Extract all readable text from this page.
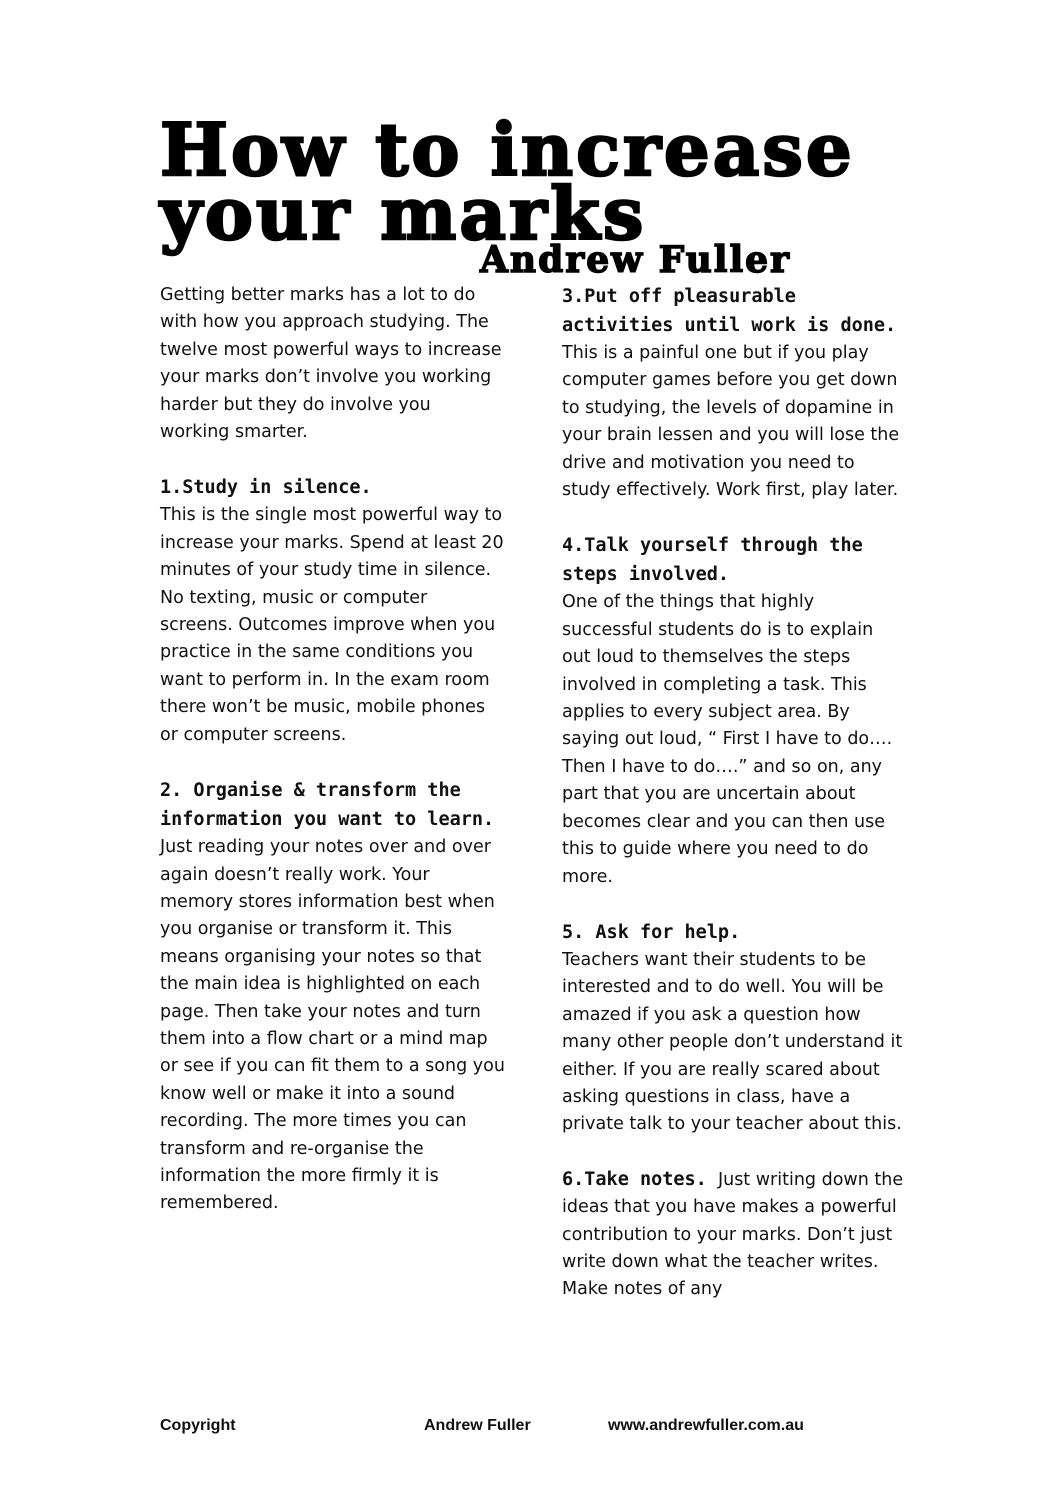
How to increase your marks
Andrew Fuller

Getting better marks has a lot to do with how you approach studying. The twelve most powerful ways to increase your marks don’t involve you working harder but they do involve you working smarter.

1.Study in silence.

This is the single most powerful way to increase your marks. Spend at least 20 minutes of your study time in silence. No texting, music or computer screens. Outcomes improve when you practice in the same conditions you want to perform in. In the exam room there won’t be music, mobile phones or computer screens.

2. Organise & transform the information you want to learn.

Just reading your notes over and over again doesn’t really work. Your memory stores information best when you organise or transform it. This means organising your notes so that the main idea is highlighted on each page. Then take your notes and turn them into a flow chart or a mind map or see if you can fit them to a song you know well or make it into a sound recording. The more times you can transform and re-organise the information the more firmly it is remembered.

3.Put off pleasurable activities until work is done.

This is a painful one but if you play computer games before you get down to studying, the levels of dopamine in your brain lessen and you will lose the drive and motivation you need to study effectively. Work first, play later.

4.Talk yourself through the steps involved.

One of the things that highly successful students do is to explain out loud to themselves the steps involved in completing a task. This applies to every subject area. By saying out loud, “ First I have to do…. Then I have to do….” and so on, any part that you are uncertain about becomes clear and you can then use this to guide where you need to do more.

5. Ask for help.

Teachers want their students to be interested and to do well. You will be amazed if you ask a question how many other people don’t understand it either. If you are really scared about asking questions in class, have a private talk to your teacher about this.

6.Take notes. Just writing down the ideas that you have makes a powerful contribution to your marks. Don’t just write down what the teacher writes. Make notes of any

Copyright	Andrew Fuller	www.andrewfuller.com.au
